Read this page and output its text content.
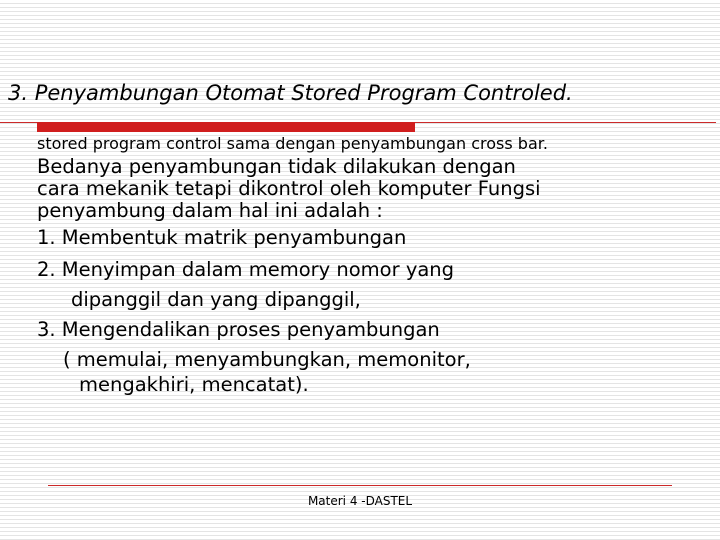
3. Penyambungan Otomat Stored Program Controled.
stored program control sama dengan penyambungan cross bar.
Bedanya penyambungan tidak dilakukan dengan
cara mekanik tetapi dikontrol oleh komputer Fungsi
penyambung dalam hal ini adalah :
1. Membentuk matrik penyambungan
2. Menyimpan dalam memory nomor yang
dipanggil dan yang dipanggil,
3. Mengendalikan proses penyambungan
( memulai, menyambungkan, memonitor,
mengakhiri, mencatat).
Materi 4 -DASTEL
